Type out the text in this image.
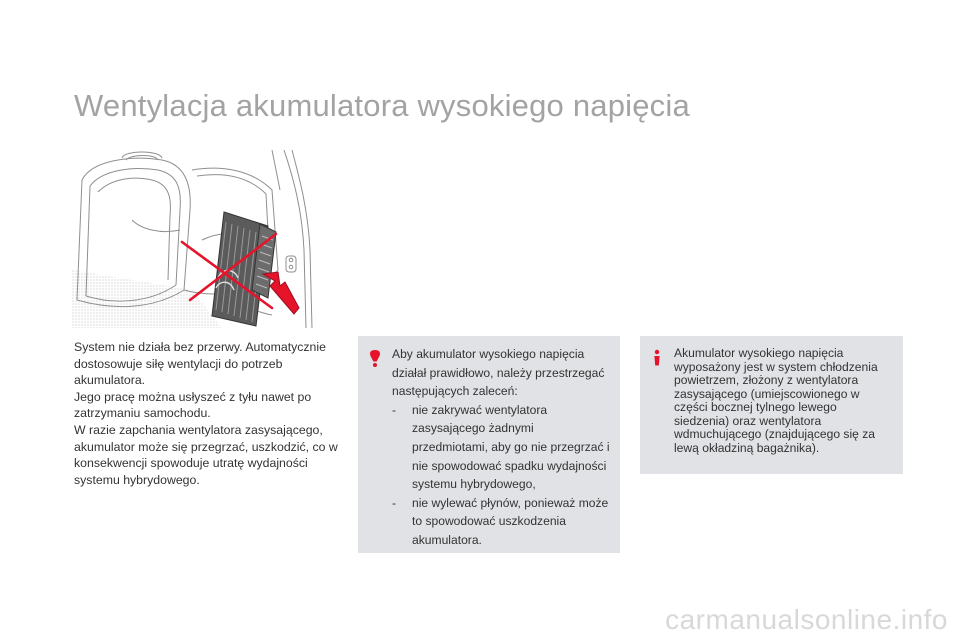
Wentylacja akumulatora wysokiego napięcia

System nie działa bez przerwy. Automatycznie dostosowuje siłę wentylacji do potrzeb akumulatora.

Jego pracę można usłyszeć z tyłu nawet po zatrzymaniu samochodu.

W razie zapchania wentylatora zasysającego, akumulator może się przegrzać, uszkodzić, co w konsekwencji spowoduje utratę wydajności systemu hybrydowego.

Aby akumulator wysokiego napięcia działał prawidłowo, należy przestrzegać następujących zaleceń:

- nie zakrywać wentylatora zasysającego żadnymi przedmiotami, aby go nie przegrzać i nie spowodować spadku wydajności systemu hybrydowego,
- nie wylewać płynów, ponieważ może to spowodować uszkodzenia akumulatora.

Akumulator wysokiego napięcia wyposażony jest w system chłodzenia powietrzem, złożony z wentylatora zasysającego (umiejscowionego w części bocznej tylnego lewego siedzenia) oraz wentylatora wdmuchującego (znajdującego się za lewą okładziną bagażnika).

carmanualsonline.info
